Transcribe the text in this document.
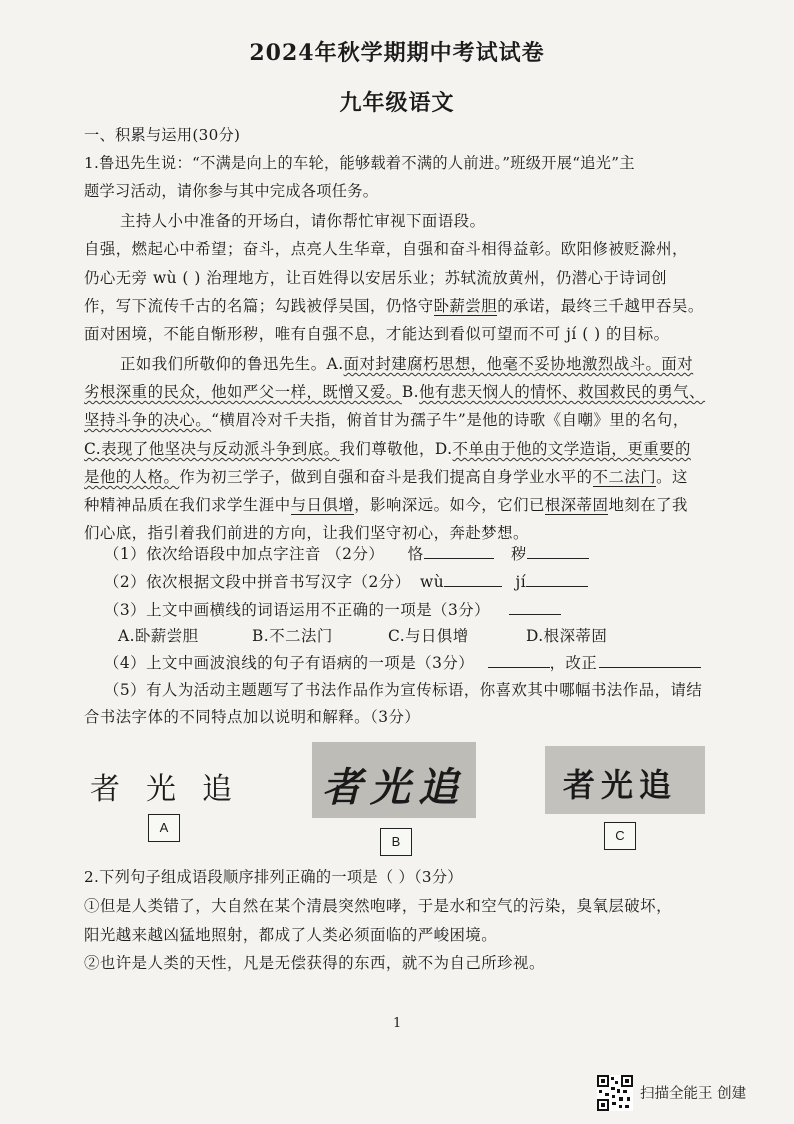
2024年秋学期期中考试试卷
九年级语文
一、积累与运用(30分)
1.鲁迅先生说：“不满是向上的车轮，能够载着不满的人前进。”班级开展“追光”主
题学习活动，请你参与其中完成各项任务。
主持人小中准备的开场白，请你帮忙审视下面语段。
自强，燃起心中希望；奋斗，点亮人生华章，自强和奋斗相得益彰。欧阳修被贬滁州，
仍心无旁 wù ( ) 治理地方，让百姓得以安居乐业；苏轼流放黄州，仍潜心于诗词创
作，写下流传千古的名篇；勾践被俘吴国，仍恪守卧薪尝胆的承诺，最终三千越甲吞吴。
面对困境，不能自惭形秽，唯有自强不息，才能达到看似可望而不可 jí ( ) 的目标。
正如我们所敬仰的鲁迅先生。A.面对封建腐朽思想，他毫不妥协地激烈战斗。面对
劣根深重的民众，他如严父一样，既憎又爱。B.他有悲天悯人的情怀、救国救民的勇气、
坚持斗争的决心。“横眉冷对千夫指，俯首甘为孺子牛”是他的诗歌《自嘲》里的名句，
C.表现了他坚决与反动派斗争到底。我们尊敬他，D.不单由于他的文学造诣，更重要的
是他的人格。作为初三学子，做到自强和奋斗是我们提高自身学业水平的不二法门。这
种精神品质在我们求学生涯中与日俱增，影响深远。如今，它们已根深蒂固地刻在了我
们心底，指引着我们前进的方向，让我们坚守初心，奔赴梦想。
（1）依次给语段中加点字注音 （2分） 恪	秽
（2）依次根据文段中拼音书写汉字（2分） wù	jí
（3）上文中画横线的词语运用不正确的一项是（3分）
A.卧薪尝胆	B.不二法门	C.与日俱增	D.根深蒂固
（4）上文中画波浪线的句子有语病的一项是（3分）	，改正
（5）有人为活动主题题写了书法作品作为宣传标语，你喜欢其中哪幅书法作品，请结
合书法字体的不同特点加以说明和解释。（3分）
者光追 者光追	者光追
A
B	C
2.下列句子组成语段顺序排列正确的一项是（ ）（3分）
①但是人类错了，大自然在某个清晨突然咆哮，于是水和空气的污染，臭氧层破坏，
阳光越来越凶猛地照射，都成了人类必须面临的严峻困境。
②也许是人类的天性，凡是无偿获得的东西，就不为自己所珍视。
1
扫描全能王 创建
